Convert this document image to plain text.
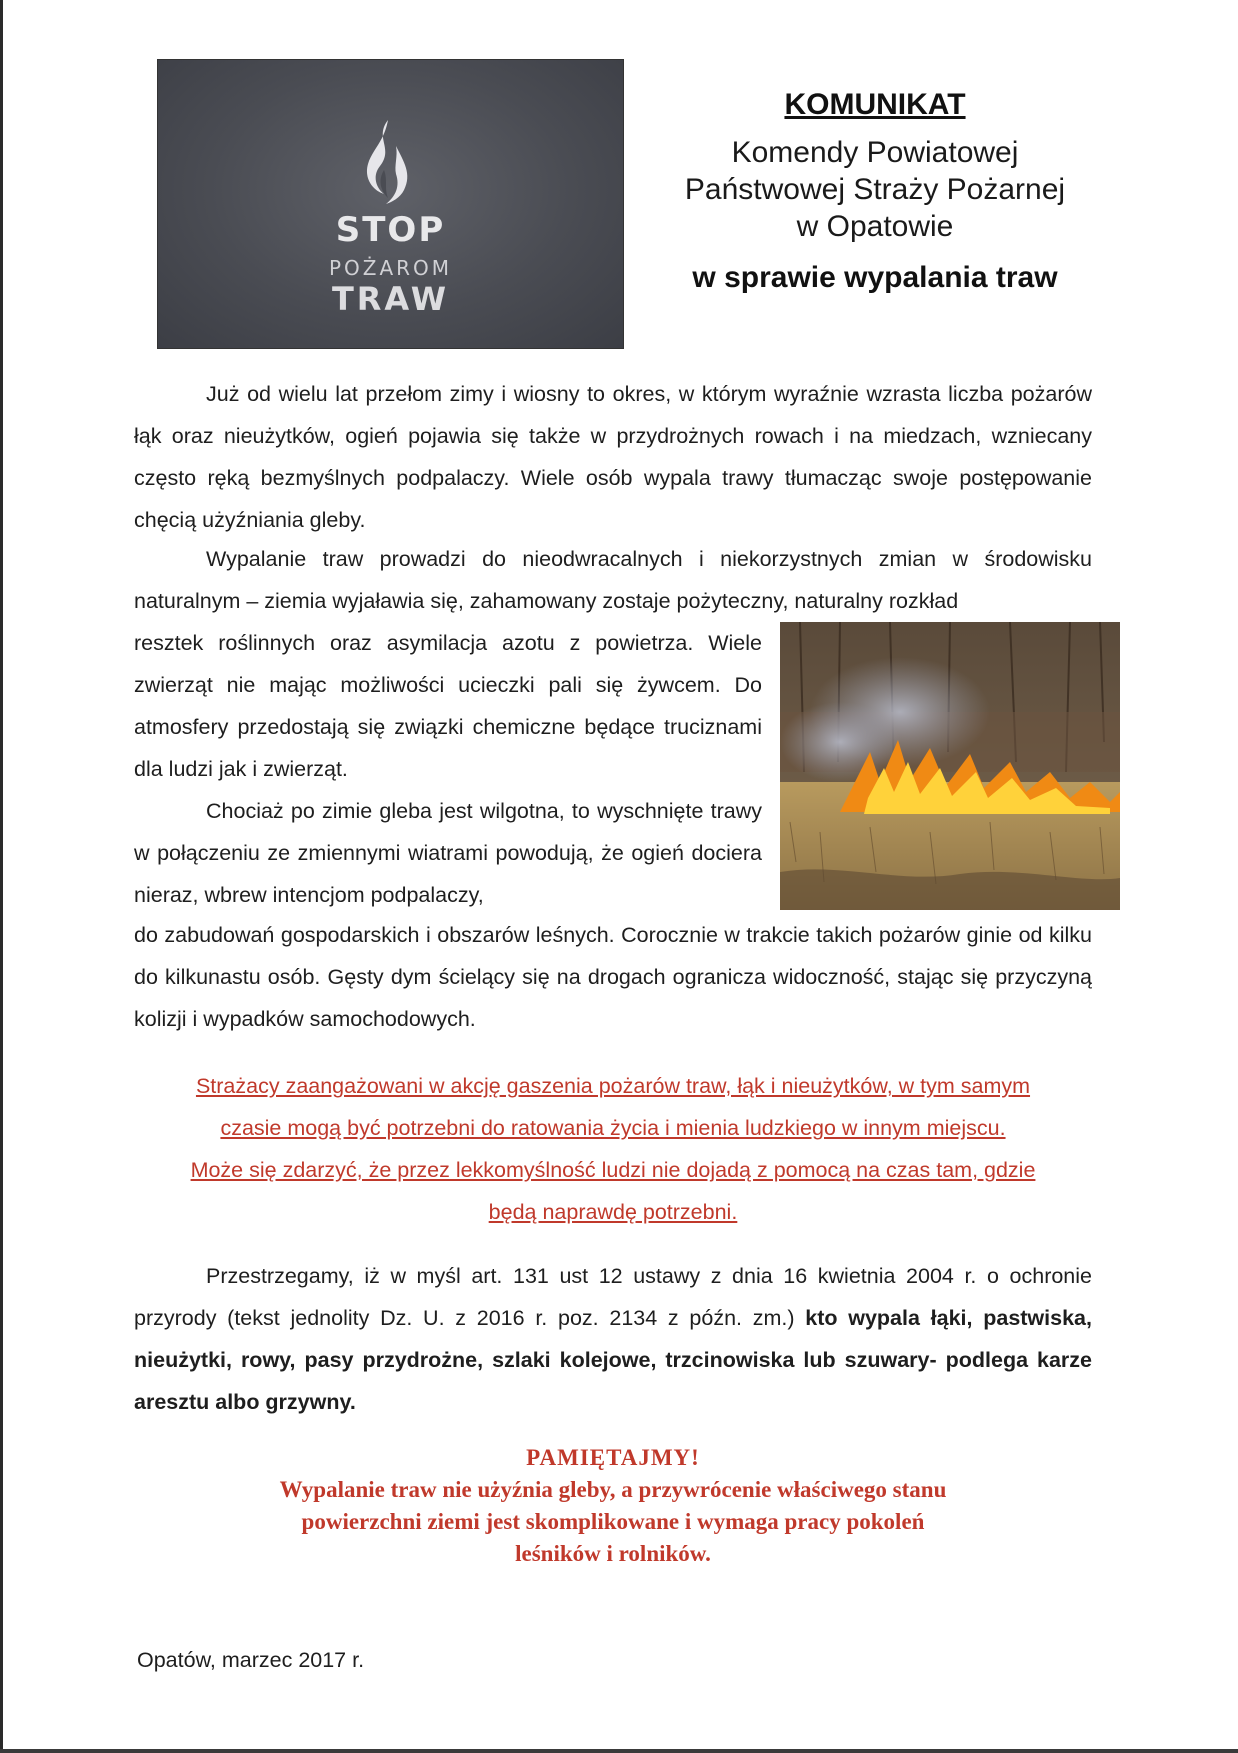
STOP
POŻAROM
TRAW
KOMUNIKAT
Komendy Powiatowej
Państwowej Straży Pożarnej
w Opatowie
w sprawie wypalania traw

Już od wielu lat przełom zimy i wiosny to okres, w którym wyraźnie wzrasta liczba pożarów łąk oraz nieużytków, ogień pojawia się także w przydrożnych rowach i na miedzach, wzniecany często ręką bezmyślnych podpalaczy. Wiele osób wypala trawy tłumacząc swoje postępowanie chęcią użyźniania gleby.

Wypalanie traw prowadzi do nieodwracalnych i niekorzystnych zmian w środowisku naturalnym – ziemia wyjaławia się, zahamowany zostaje pożyteczny, naturalny rozkład

resztek roślinnych oraz asymilacja azotu z powietrza. Wiele zwierząt nie mając możliwości ucieczki pali się żywcem. Do atmosfery przedostają się związki chemiczne będące truciznami dla ludzi jak i zwierząt.

Chociaż po zimie gleba jest wilgotna, to wyschnięte trawy w połączeniu ze zmiennymi wiatrami powodują, że ogień dociera nieraz, wbrew intencjom podpalaczy,

do zabudowań gospodarskich i obszarów leśnych. Corocznie w trakcie takich pożarów ginie od kilku do kilkunastu osób. Gęsty dym ścielący się na drogach ogranicza widoczność, stając się przyczyną kolizji i wypadków samochodowych.

Strażacy zaangażowani w akcję gaszenia pożarów traw, łąk i nieużytków, w tym samym
czasie mogą być potrzebni do ratowania życia i mienia ludzkiego w innym miejscu.
Może się zdarzyć, że przez lekkomyślność ludzi nie dojadą z pomocą na czas tam, gdzie
będą naprawdę potrzebni.

Przestrzegamy, iż w myśl art. 131 ust 12 ustawy z dnia 16 kwietnia 2004 r. o ochronie przyrody (tekst jednolity Dz. U. z 2016 r. poz. 2134 z późn. zm.) kto wypala łąki, pastwiska, nieużytki, rowy, pasy przydrożne, szlaki kolejowe, trzcinowiska lub szuwary- podlega karze aresztu albo grzywny.

PAMIĘTAJMY!
Wypalanie traw nie użyźnia gleby, a przywrócenie właściwego stanu
powierzchni ziemi jest skomplikowane i wymaga pracy pokoleń
leśników i rolników.
Opatów, marzec 2017 r.
